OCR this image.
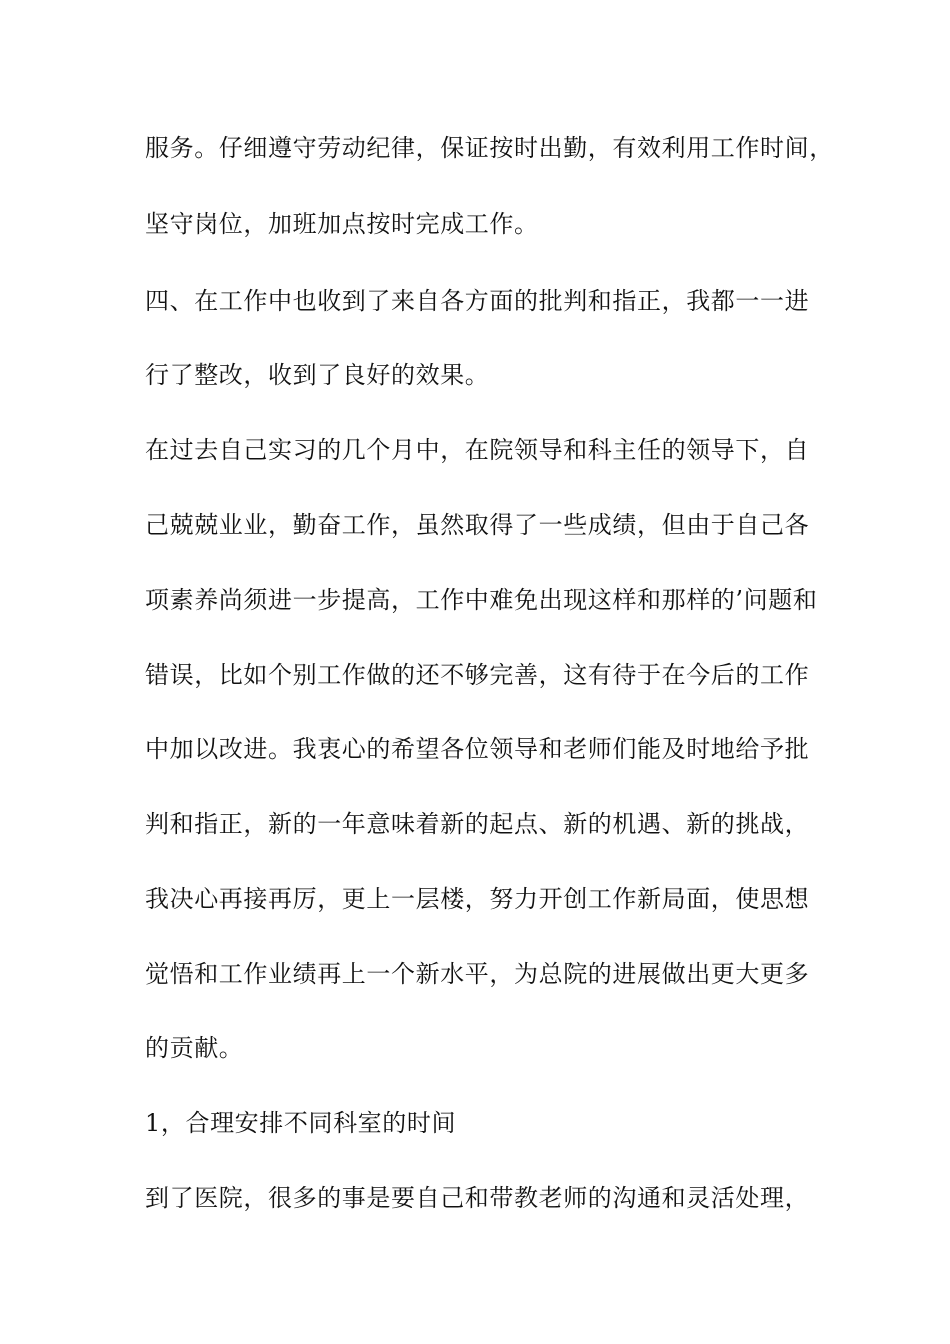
服务。仔细遵守劳动纪律，保证按时出勤，有效利用工作时间，
坚守岗位，加班加点按时完成工作。
四、在工作中也收到了来自各方面的批判和指正，我都一一进
行了整改，收到了良好的效果。
在过去自己实习的几个月中，在院领导和科主任的领导下，自
己兢兢业业，勤奋工作，虽然取得了一些成绩，但由于自己各
项素养尚须进一步提高，工作中难免出现这样和那样的’问题和
错误，比如个别工作做的还不够完善，这有待于在今后的工作
中加以改进。我衷心的希望各位领导和老师们能及时地给予批
判和指正，新的一年意味着新的起点、新的机遇、新的挑战，
我决心再接再厉，更上一层楼，努力开创工作新局面，使思想
觉悟和工作业绩再上一个新水平，为总院的进展做出更大更多
的贡献。
1，合理安排不同科室的时间
到了医院，很多的事是要自己和带教老师的沟通和灵活处理，
